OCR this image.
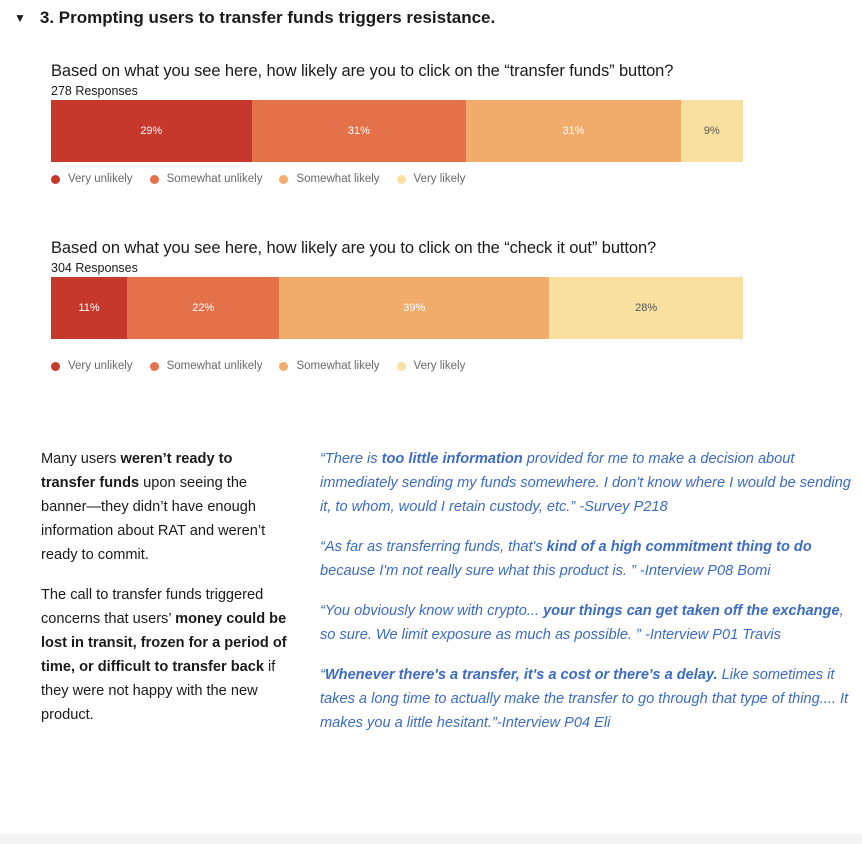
▼ 3. Prompting users to transfer funds triggers resistance.
Based on what you see here, how likely are you to click on the “transfer funds” button?
278 Responses
29%	31%	31%	9%
Very unlikely	Somewhat unlikely	Somewhat likely	Very likely
Based on what you see here, how likely are you to click on the “check it out” button?
304 Responses
11%	22%	39%	28%
Very unlikely	Somewhat unlikely	Somewhat likely	Very likely

Many users weren’t ready to transfer funds upon seeing the banner—they didn’t have enough information about RAT and weren’t ready to commit.

The call to transfer funds triggered concerns that users’ money could be lost in transit, frozen for a period of time, or difficult to transfer back if they were not happy with the new product.

“There is too little information provided for me to make a decision about immediately sending my funds somewhere. I don't know where I would be sending it, to whom, would I retain custody, etc.” -Survey P218

“As far as transferring funds, that's kind of a high commitment thing to do because I'm not really sure what this product is. ” -Interview P08 Bomi

“You obviously know with crypto... your things can get taken off the exchange, so sure. We limit exposure as much as possible. ” -Interview P01 Travis

“Whenever there's a transfer, it's a cost or there's a delay. Like sometimes it takes a long time to actually make the transfer to go through that type of thing.... It makes you a little hesitant.”-Interview P04 Eli
